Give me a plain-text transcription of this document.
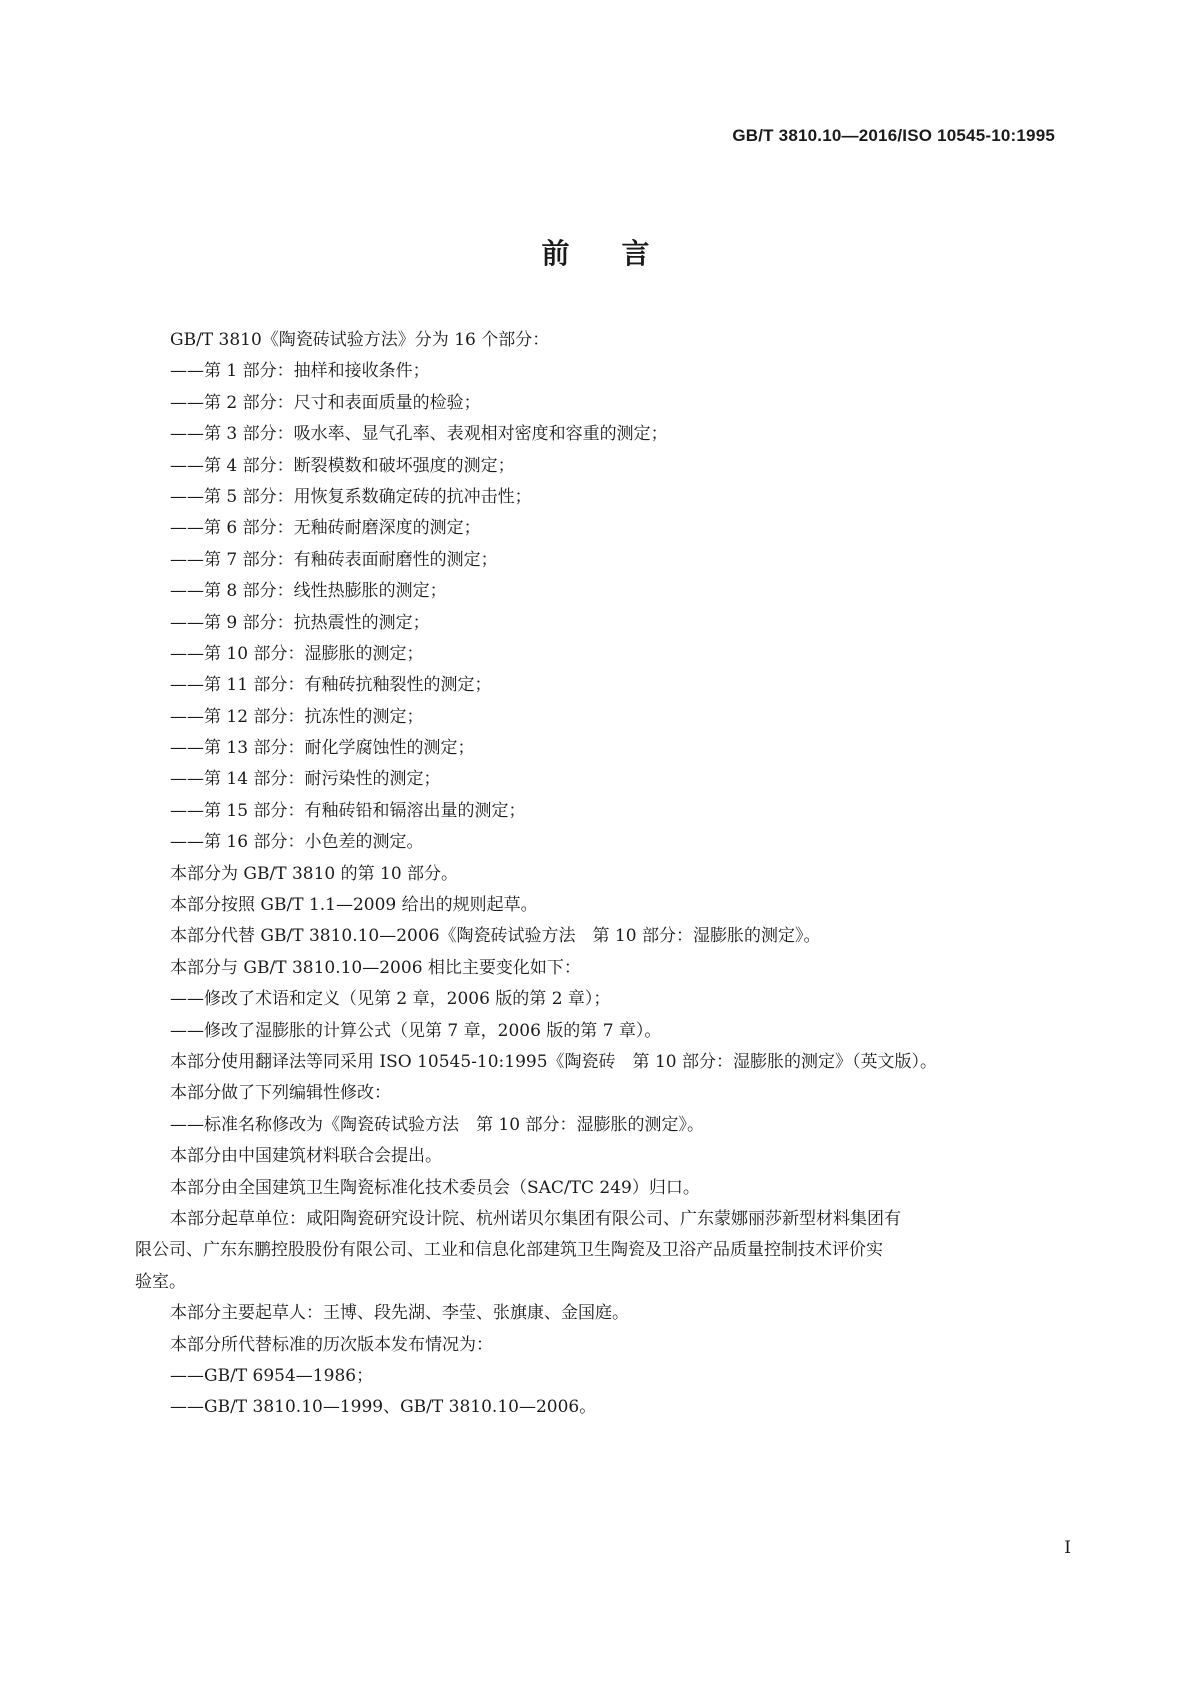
GB/T 3810.10—2016/ISO 10545-10:1995
前言
GB/T 3810《陶瓷砖试验方法》分为 16 个部分：
——第 1 部分：抽样和接收条件；
——第 2 部分：尺寸和表面质量的检验；
——第 3 部分：吸水率、显气孔率、表观相对密度和容重的测定；
——第 4 部分：断裂模数和破坏强度的测定；
——第 5 部分：用恢复系数确定砖的抗冲击性；
——第 6 部分：无釉砖耐磨深度的测定；
——第 7 部分：有釉砖表面耐磨性的测定；
——第 8 部分：线性热膨胀的测定；
——第 9 部分：抗热震性的测定；
——第 10 部分：湿膨胀的测定；
——第 11 部分：有釉砖抗釉裂性的测定；
——第 12 部分：抗冻性的测定；
——第 13 部分：耐化学腐蚀性的测定；
——第 14 部分：耐污染性的测定；
——第 15 部分：有釉砖铅和镉溶出量的测定；
——第 16 部分：小色差的测定。
本部分为 GB/T 3810 的第 10 部分。
本部分按照 GB/T 1.1—2009 给出的规则起草。
本部分代替 GB/T 3810.10—2006《陶瓷砖试验方法　第 10 部分：湿膨胀的测定》。
本部分与 GB/T 3810.10—2006 相比主要变化如下：
——修改了术语和定义（见第 2 章，2006 版的第 2 章）；
——修改了湿膨胀的计算公式（见第 7 章，2006 版的第 7 章）。
本部分使用翻译法等同采用 ISO 10545-10:1995《陶瓷砖　第 10 部分：湿膨胀的测定》（英文版）。
本部分做了下列编辑性修改：
——标准名称修改为《陶瓷砖试验方法　第 10 部分：湿膨胀的测定》。
本部分由中国建筑材料联合会提出。
本部分由全国建筑卫生陶瓷标准化技术委员会（SAC/TC 249）归口。
本部分起草单位：咸阳陶瓷研究设计院、杭州诺贝尔集团有限公司、广东蒙娜丽莎新型材料集团有
限公司、广东东鹏控股股份有限公司、工业和信息化部建筑卫生陶瓷及卫浴产品质量控制技术评价实
验室。
本部分主要起草人：王博、段先湖、李莹、张旗康、金国庭。
本部分所代替标准的历次版本发布情况为：
——GB/T 6954—1986；
——GB/T 3810.10—1999、GB/T 3810.10—2006。
I
